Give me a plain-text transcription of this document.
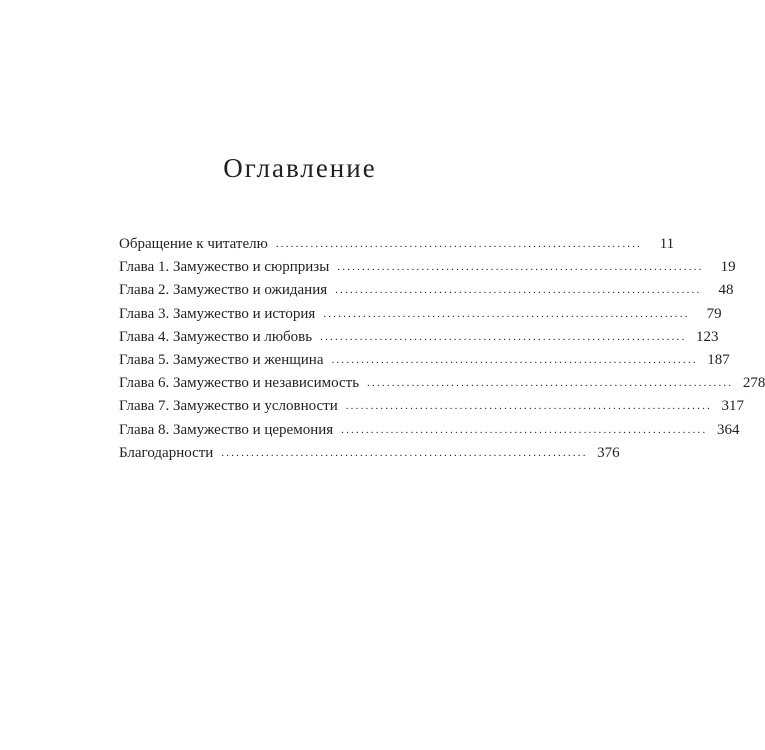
Оглавление
Обращение к читателю ..........................................................................	11
Глава 1. Замужество и сюрпризы ..........................................................................	19
Глава 2. Замужество и ожидания ..........................................................................	48
Глава 3. Замужество и история ..........................................................................	79
Глава 4. Замужество и любовь .......................................................................... 123
Глава 5. Замужество и женщина .......................................................................... 187
Глава 6. Замужество и независимость .......................................................................... 278
Глава 7. Замужество и условности .......................................................................... 317
Глава 8. Замужество и церемония .......................................................................... 364
Благодарности .......................................................................... 376
